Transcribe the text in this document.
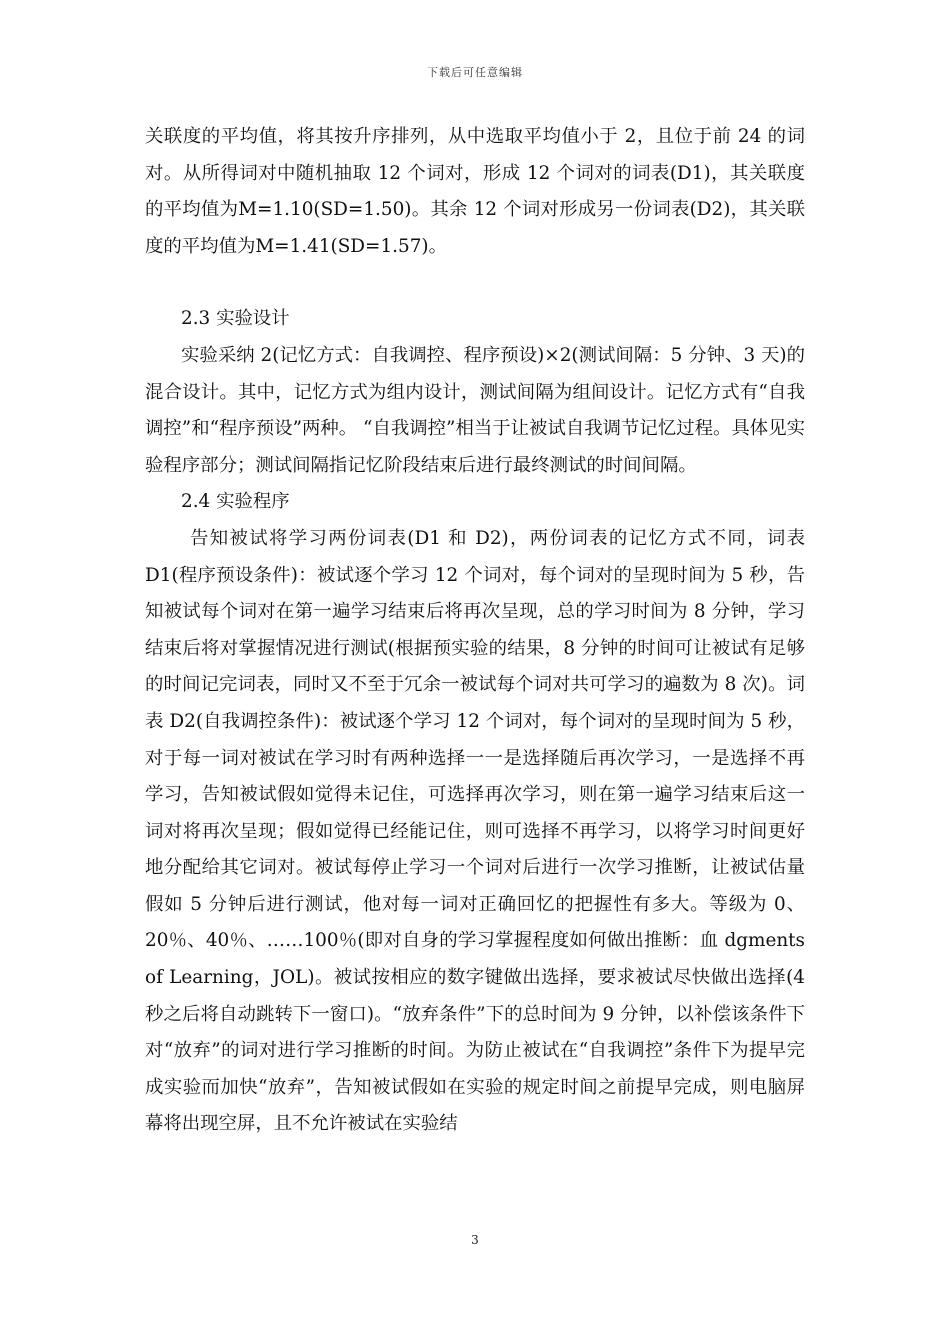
下载后可任意编辑

关联度的平均值，将其按升序排列，从中选取平均值小于 2，且位于前 24 的词对。从所得词对中随机抽取 12 个词对，形成 12 个词对的词表(D1)，其关联度的平均值为M=1.10(SD=1.50)。其余 12 个词对形成另一份词表(D2)，其关联度的平均值为M=1.41(SD=1.57)。

2.3 实验设计

实验采纳 2(记忆方式：自我调控、程序预设)×2(测试间隔：5 分钟、3 天)的混合设计。其中，记忆方式为组内设计，测试间隔为组间设计。记忆方式有“自我调控”和“程序预设”两种。 “自我调控”相当于让被试自我调节记忆过程。具体见实验程序部分；测试间隔指记忆阶段结束后进行最终测试的时间间隔。

2.4 实验程序

告知被试将学习两份词表(D1 和 D2)，两份词表的记忆方式不同，词表D1(程序预设条件)：被试逐个学习 12 个词对，每个词对的呈现时间为 5 秒，告知被试每个词对在第一遍学习结束后将再次呈现，总的学习时间为 8 分钟，学习结束后将对掌握情况进行测试(根据预实验的结果，8 分钟的时间可让被试有足够的时间记完词表，同时又不至于冗余一被试每个词对共可学习的遍数为 8 次)。词表 D2(自我调控条件)：被试逐个学习 12 个词对，每个词对的呈现时间为 5 秒，对于每一词对被试在学习时有两种选择一一是选择随后再次学习，一是选择不再学习，告知被试假如觉得未记住，可选择再次学习，则在第一遍学习结束后这一词对将再次呈现；假如觉得已经能记住，则可选择不再学习，以将学习时间更好地分配给其它词对。被试每停止学习一个词对后进行一次学习推断，让被试估量假如 5 分钟后进行测试，他对每一词对正确回忆的把握性有多大。等级为 0、20％、40％、……100％(即对自身的学习掌握程度如何做出推断：血 dgments of Learning，JOL)。被试按相应的数字键做出选择，要求被试尽快做出选择(4 秒之后将自动跳转下一窗口)。“放弃条件”下的总时间为 9 分钟，以补偿该条件下对“放弃”的词对进行学习推断的时间。为防止被试在“自我调控”条件下为提早完成实验而加快“放弃”，告知被试假如在实验的规定时间之前提早完成，则电脑屏幕将出现空屏，且不允许被试在实验结

3
